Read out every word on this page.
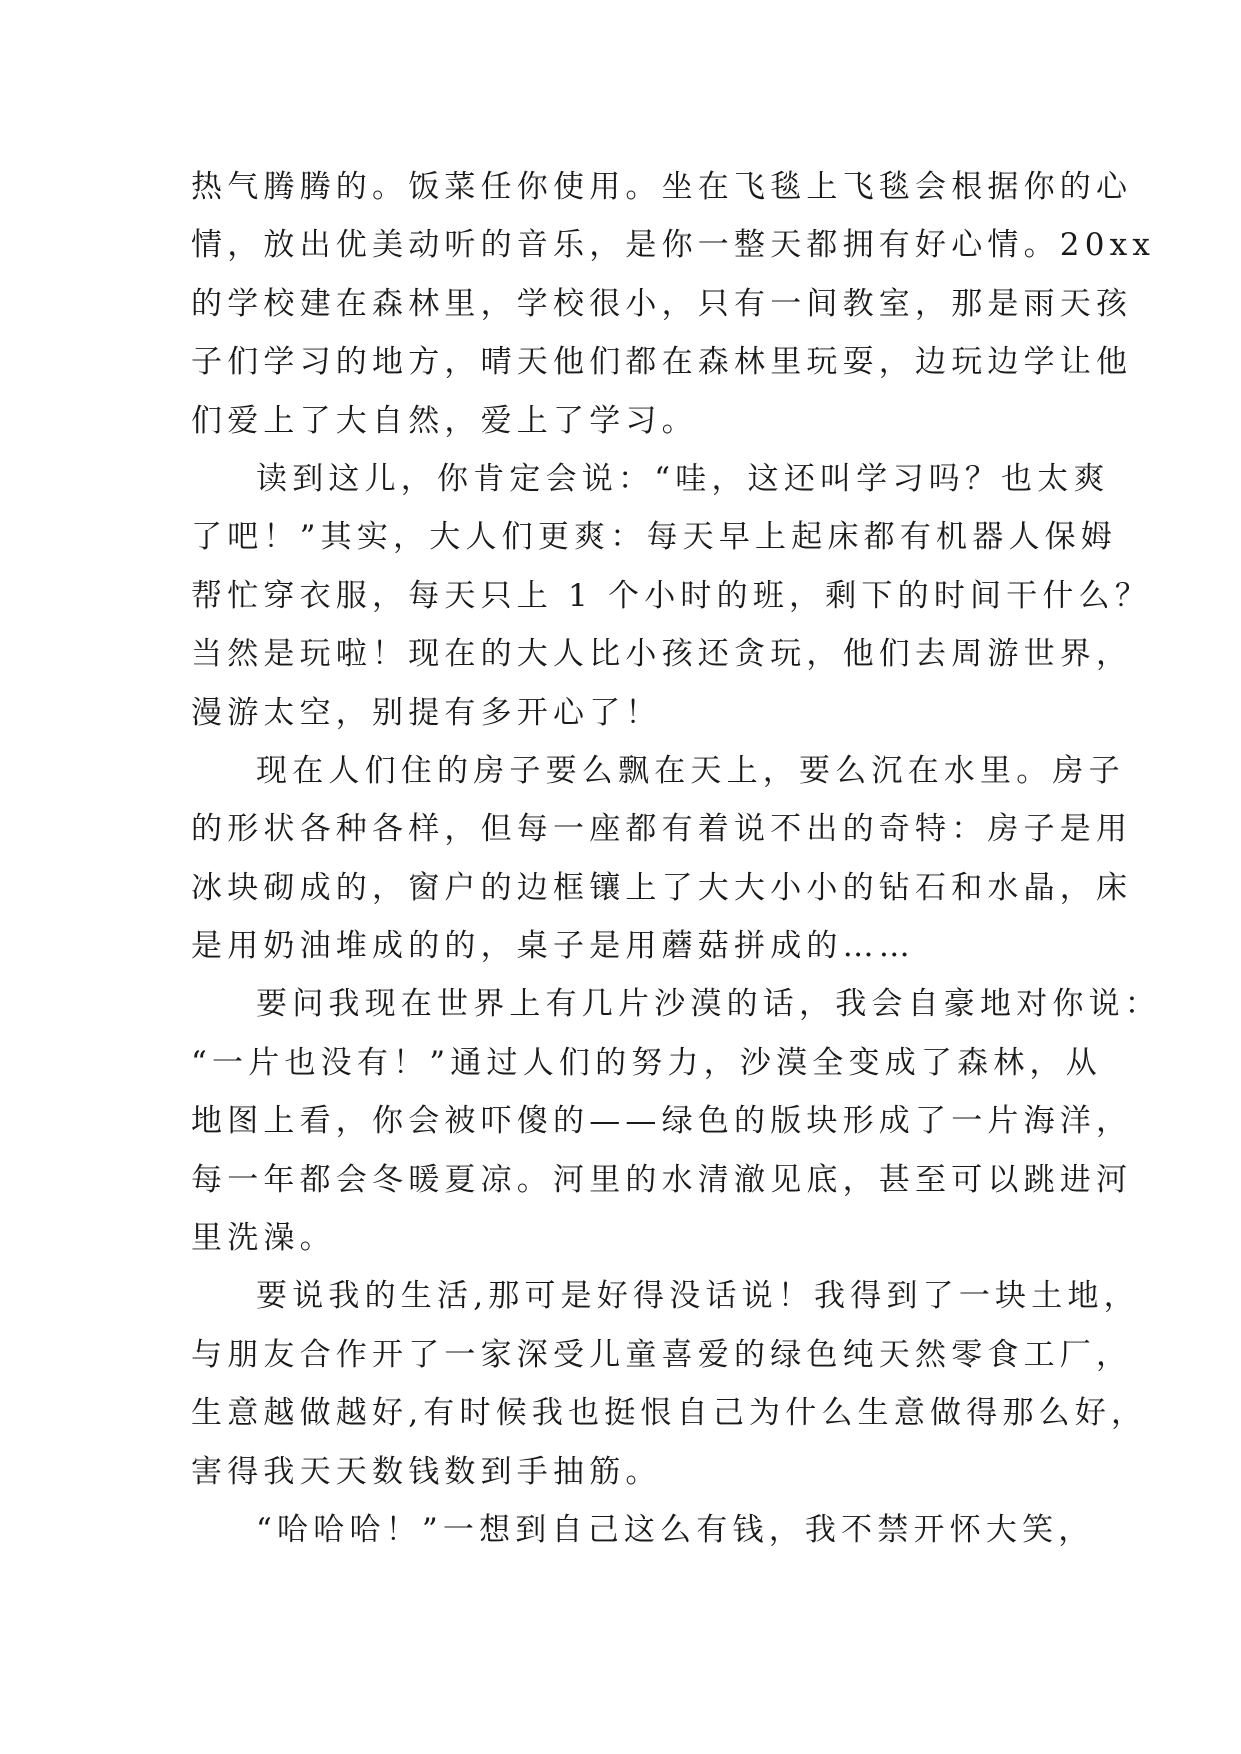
热气腾腾的。饭菜任你使用。坐在飞毯上飞毯会根据你的心
情，放出优美动听的音乐，是你一整天都拥有好心情。20xx
的学校建在森林里，学校很小，只有一间教室，那是雨天孩
子们学习的地方，晴天他们都在森林里玩耍，边玩边学让他
们爱上了大自然，爱上了学习。
读到这儿，你肯定会说：“哇，这还叫学习吗？也太爽
了吧！”其实，大人们更爽：每天早上起床都有机器人保姆
帮忙穿衣服，每天只上 1 个小时的班，剩下的时间干什么？
当然是玩啦！现在的大人比小孩还贪玩，他们去周游世界，
漫游太空，别提有多开心了！
现在人们住的房子要么飘在天上，要么沉在水里。房子
的形状各种各样，但每一座都有着说不出的奇特：房子是用
冰块砌成的，窗户的边框镶上了大大小小的钻石和水晶，床
是用奶油堆成的的，桌子是用蘑菇拼成的……
要问我现在世界上有几片沙漠的话，我会自豪地对你说：
“一片也没有！”通过人们的努力，沙漠全变成了森林，从
地图上看，你会被吓傻的——绿色的版块形成了一片海洋，
每一年都会冬暖夏凉。河里的水清澈见底，甚至可以跳进河
里洗澡。
要说我的生活,那可是好得没话说！我得到了一块土地，
与朋友合作开了一家深受儿童喜爱的绿色纯天然零食工厂，
生意越做越好,有时候我也挺恨自己为什么生意做得那么好，
害得我天天数钱数到手抽筋。
“哈哈哈！”一想到自己这么有钱，我不禁开怀大笑，
